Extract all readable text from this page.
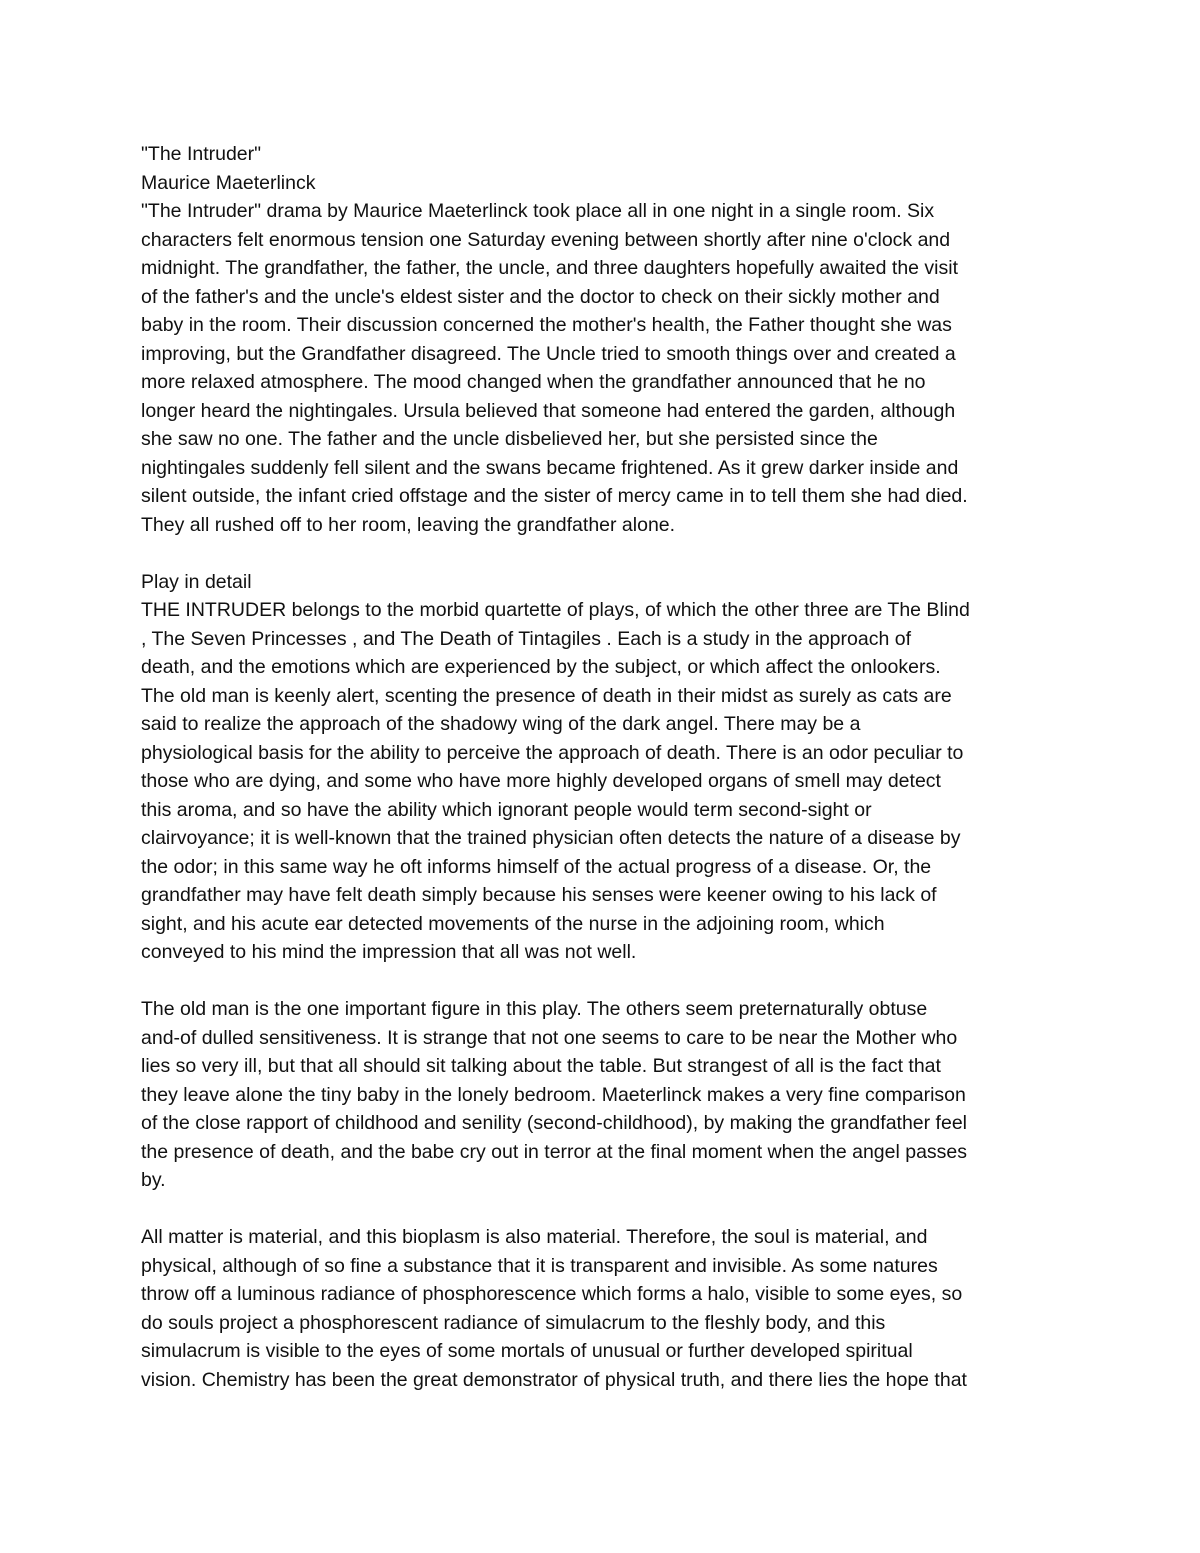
"The Intruder"
Maurice Maeterlinck
"The Intruder" drama by Maurice Maeterlinck took place all in one night in a single room. Six
characters felt enormous tension one Saturday evening between shortly after nine o'clock and
midnight. The grandfather, the father, the uncle, and three daughters hopefully awaited the visit
of the father's and the uncle's eldest sister and the doctor to check on their sickly mother and
baby in the room. Their discussion concerned the mother's health, the Father thought she was
improving, but the Grandfather disagreed. The Uncle tried to smooth things over and created a
more relaxed atmosphere. The mood changed when the grandfather announced that he no
longer heard the nightingales. Ursula believed that someone had entered the garden, although
she saw no one. The father and the uncle disbelieved her, but she persisted since the
nightingales suddenly fell silent and the swans became frightened. As it grew darker inside and
silent outside, the infant cried offstage and the sister of mercy came in to tell them she had died.
They all rushed off to her room, leaving the grandfather alone.
Play in detail
THE INTRUDER belongs to the morbid quartette of plays, of which the other three are The Blind
, The Seven Princesses , and The Death of Tintagiles . Each is a study in the approach of
death, and the emotions which are experienced by the subject, or which affect the onlookers.
The old man is keenly alert, scenting the presence of death in their midst as surely as cats are
said to realize the approach of the shadowy wing of the dark angel. There may be a
physiological basis for the ability to perceive the approach of death. There is an odor peculiar to
those who are dying, and some who have more highly developed organs of smell may detect
this aroma, and so have the ability which ignorant people would term second-sight or
clairvoyance; it is well-known that the trained physician often detects the nature of a disease by
the odor; in this same way he oft informs himself of the actual progress of a disease. Or, the
grandfather may have felt death simply because his senses were keener owing to his lack of
sight, and his acute ear detected movements of the nurse in the adjoining room, which
conveyed to his mind the impression that all was not well.
The old man is the one important figure in this play. The others seem preternaturally obtuse
and-of dulled sensitiveness. It is strange that not one seems to care to be near the Mother who
lies so very ill, but that all should sit talking about the table. But strangest of all is the fact that
they leave alone the tiny baby in the lonely bedroom. Maeterlinck makes a very fine comparison
of the close rapport of childhood and senility (second-childhood), by making the grandfather feel
the presence of death, and the babe cry out in terror at the final moment when the angel passes
by.
All matter is material, and this bioplasm is also material. Therefore, the soul is material, and
physical, although of so fine a substance that it is transparent and invisible. As some natures
throw off a luminous radiance of phosphorescence which forms a halo, visible to some eyes, so
do souls project a phosphorescent radiance of simulacrum to the fleshly body, and this
simulacrum is visible to the eyes of some mortals of unusual or further developed spiritual
vision. Chemistry has been the great demonstrator of physical truth, and there lies the hope that
